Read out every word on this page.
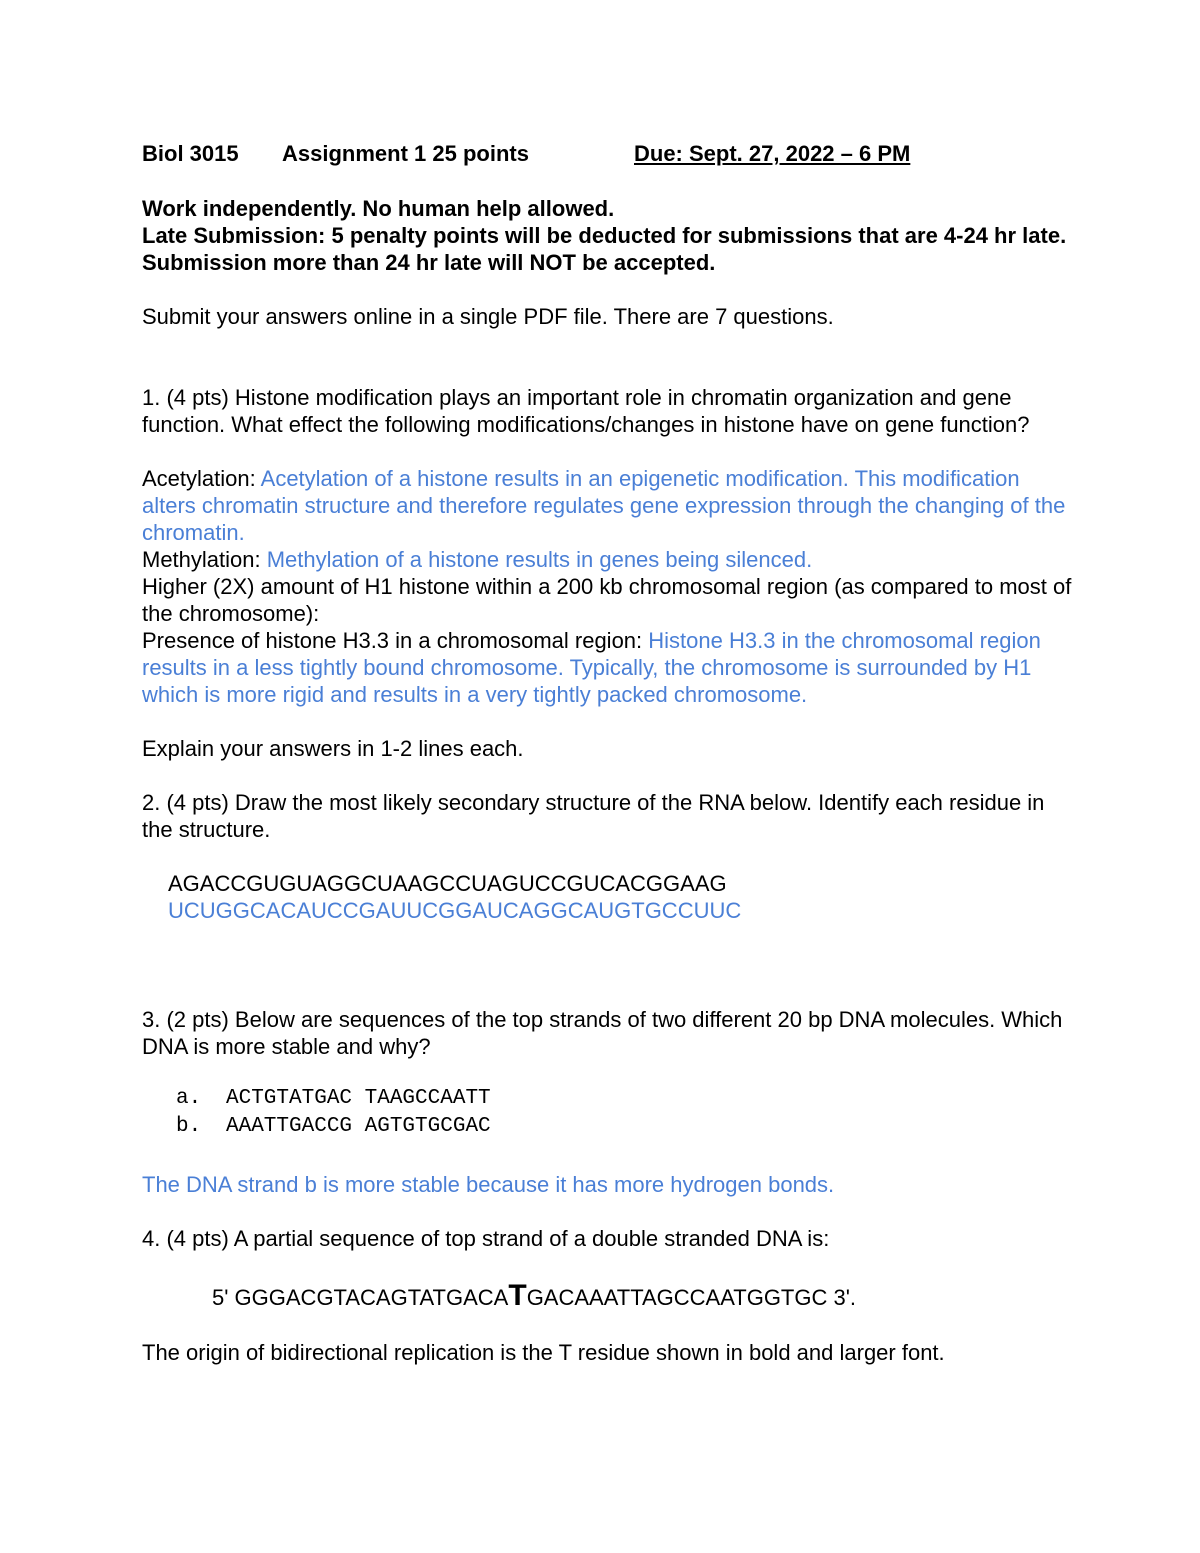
Biol 3015 Assignment 1 25 points	Due: Sept. 27, 2022 – 6 PM

Work independently. No human help allowed.

Late Submission: 5 penalty points will be deducted for submissions that are 4-24 hr late. Submission more than 24 hr late will NOT be accepted.

Submit your answers online in a single PDF file. There are 7 questions.

1. (4 pts) Histone modification plays an important role in chromatin organization and gene function. What effect the following modifications/changes in histone have on gene function?

Acetylation: Acetylation of a histone results in an epigenetic modification. This modification alters chromatin structure and therefore regulates gene expression through the changing of the chromatin.

Methylation: Methylation of a histone results in genes being silenced.

Higher (2X) amount of H1 histone within a 200 kb chromosomal region (as compared to most of the chromosome):

Presence of histone H3.3 in a chromosomal region: Histone H3.3 in the chromosomal region results in a less tightly bound chromosome. Typically, the chromosome is surrounded by H1 which is more rigid and results in a very tightly packed chromosome.

Explain your answers in 1-2 lines each.

2. (4 pts) Draw the most likely secondary structure of the RNA below. Identify each residue in the structure.

AGACCGUGUAGGCUAAGCCUAGUCCGUCACGGAAG

UCUGGCACAUCCGAUUCGGAUCAGGCAUGTGCCUUC

3. (2 pts) Below are sequences of the top strands of two different 20 bp DNA molecules. Which DNA is more stable and why?

a.	ACTGTATGAC TAAGCCAATT
b.	AAATTGACCG AGTGTGCGAC

The DNA strand b is more stable because it has more hydrogen bonds.

4. (4 pts) A partial sequence of top strand of a double stranded DNA is:

5' GGGACGTACAGTATGACATGACAAATTAGCCAATGGTGC 3'.

The origin of bidirectional replication is the T residue shown in bold and larger font.
